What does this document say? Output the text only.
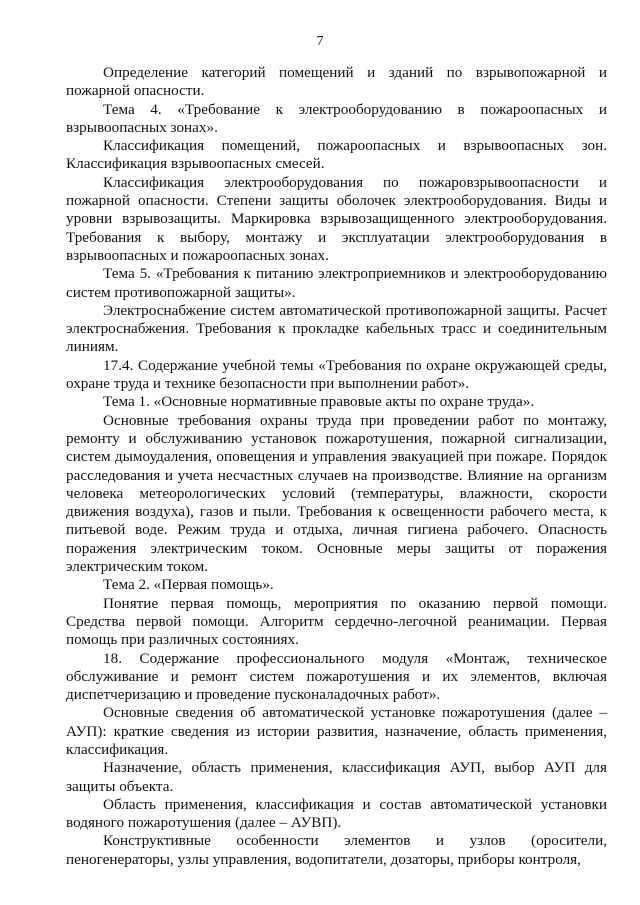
7

Определение категорий помещений и зданий по взрывопожарной и пожарной опасности.

Тема 4. «Требование к электрооборудованию в пожароопасных и взрывоопасных зонах».

Классификация помещений, пожароопасных и взрывоопасных зон. Классификация взрывоопасных смесей.

Классификация электрооборудования по пожаровзрывоопасности и пожарной опасности. Степени защиты оболочек электрооборудования. Виды и уровни взрывозащиты. Маркировка взрывозащищенного электрооборудования. Требования к выбору, монтажу и эксплуатации электрооборудования в взрывоопасных и пожароопасных зонах.

Тема 5. «Требования к питанию электроприемников и электрооборудованию систем противопожарной защиты».

Электроснабжение систем автоматической противопожарной защиты. Расчет электроснабжения. Требования к прокладке кабельных трасс и соединительным линиям.

17.4. Содержание учебной темы «Требования по охране окружающей среды, охране труда и технике безопасности при выполнении работ».

Тема 1. «Основные нормативные правовые акты по охране труда».

Основные требования охраны труда при проведении работ по монтажу, ремонту и обслуживанию установок пожаротушения, пожарной сигнализации, систем дымоудаления, оповещения и управления эвакуацией при пожаре. Порядок расследования и учета несчастных случаев на производстве. Влияние на организм человека метеорологических условий (температуры, влажности, скорости движения воздуха), газов и пыли. Требования к освещенности рабочего места, к питьевой воде. Режим труда и отдыха, личная гигиена рабочего. Опасность поражения электрическим током. Основные меры защиты от поражения электрическим током.

Тема 2. «Первая помощь».

Понятие первая помощь, мероприятия по оказанию первой помощи. Средства первой помощи. Алгоритм сердечно-легочной реанимации. Первая помощь при различных состояниях.

18. Содержание профессионального модуля «Монтаж, техническое обслуживание и ремонт систем пожаротушения и их элементов, включая диспетчеризацию и проведение пусконаладочных работ».

Основные сведения об автоматической установке пожаротушения (далее – АУП): краткие сведения из истории развития, назначение, область применения, классификация.

Назначение, область применения, классификация АУП, выбор АУП для защиты объекта.

Область применения, классификация и состав автоматической установки водяного пожаротушения (далее – АУВП).

Конструктивные особенности элементов и узлов (оросители, пеногенераторы, узлы управления, водопитатели, дозаторы, приборы контроля,
